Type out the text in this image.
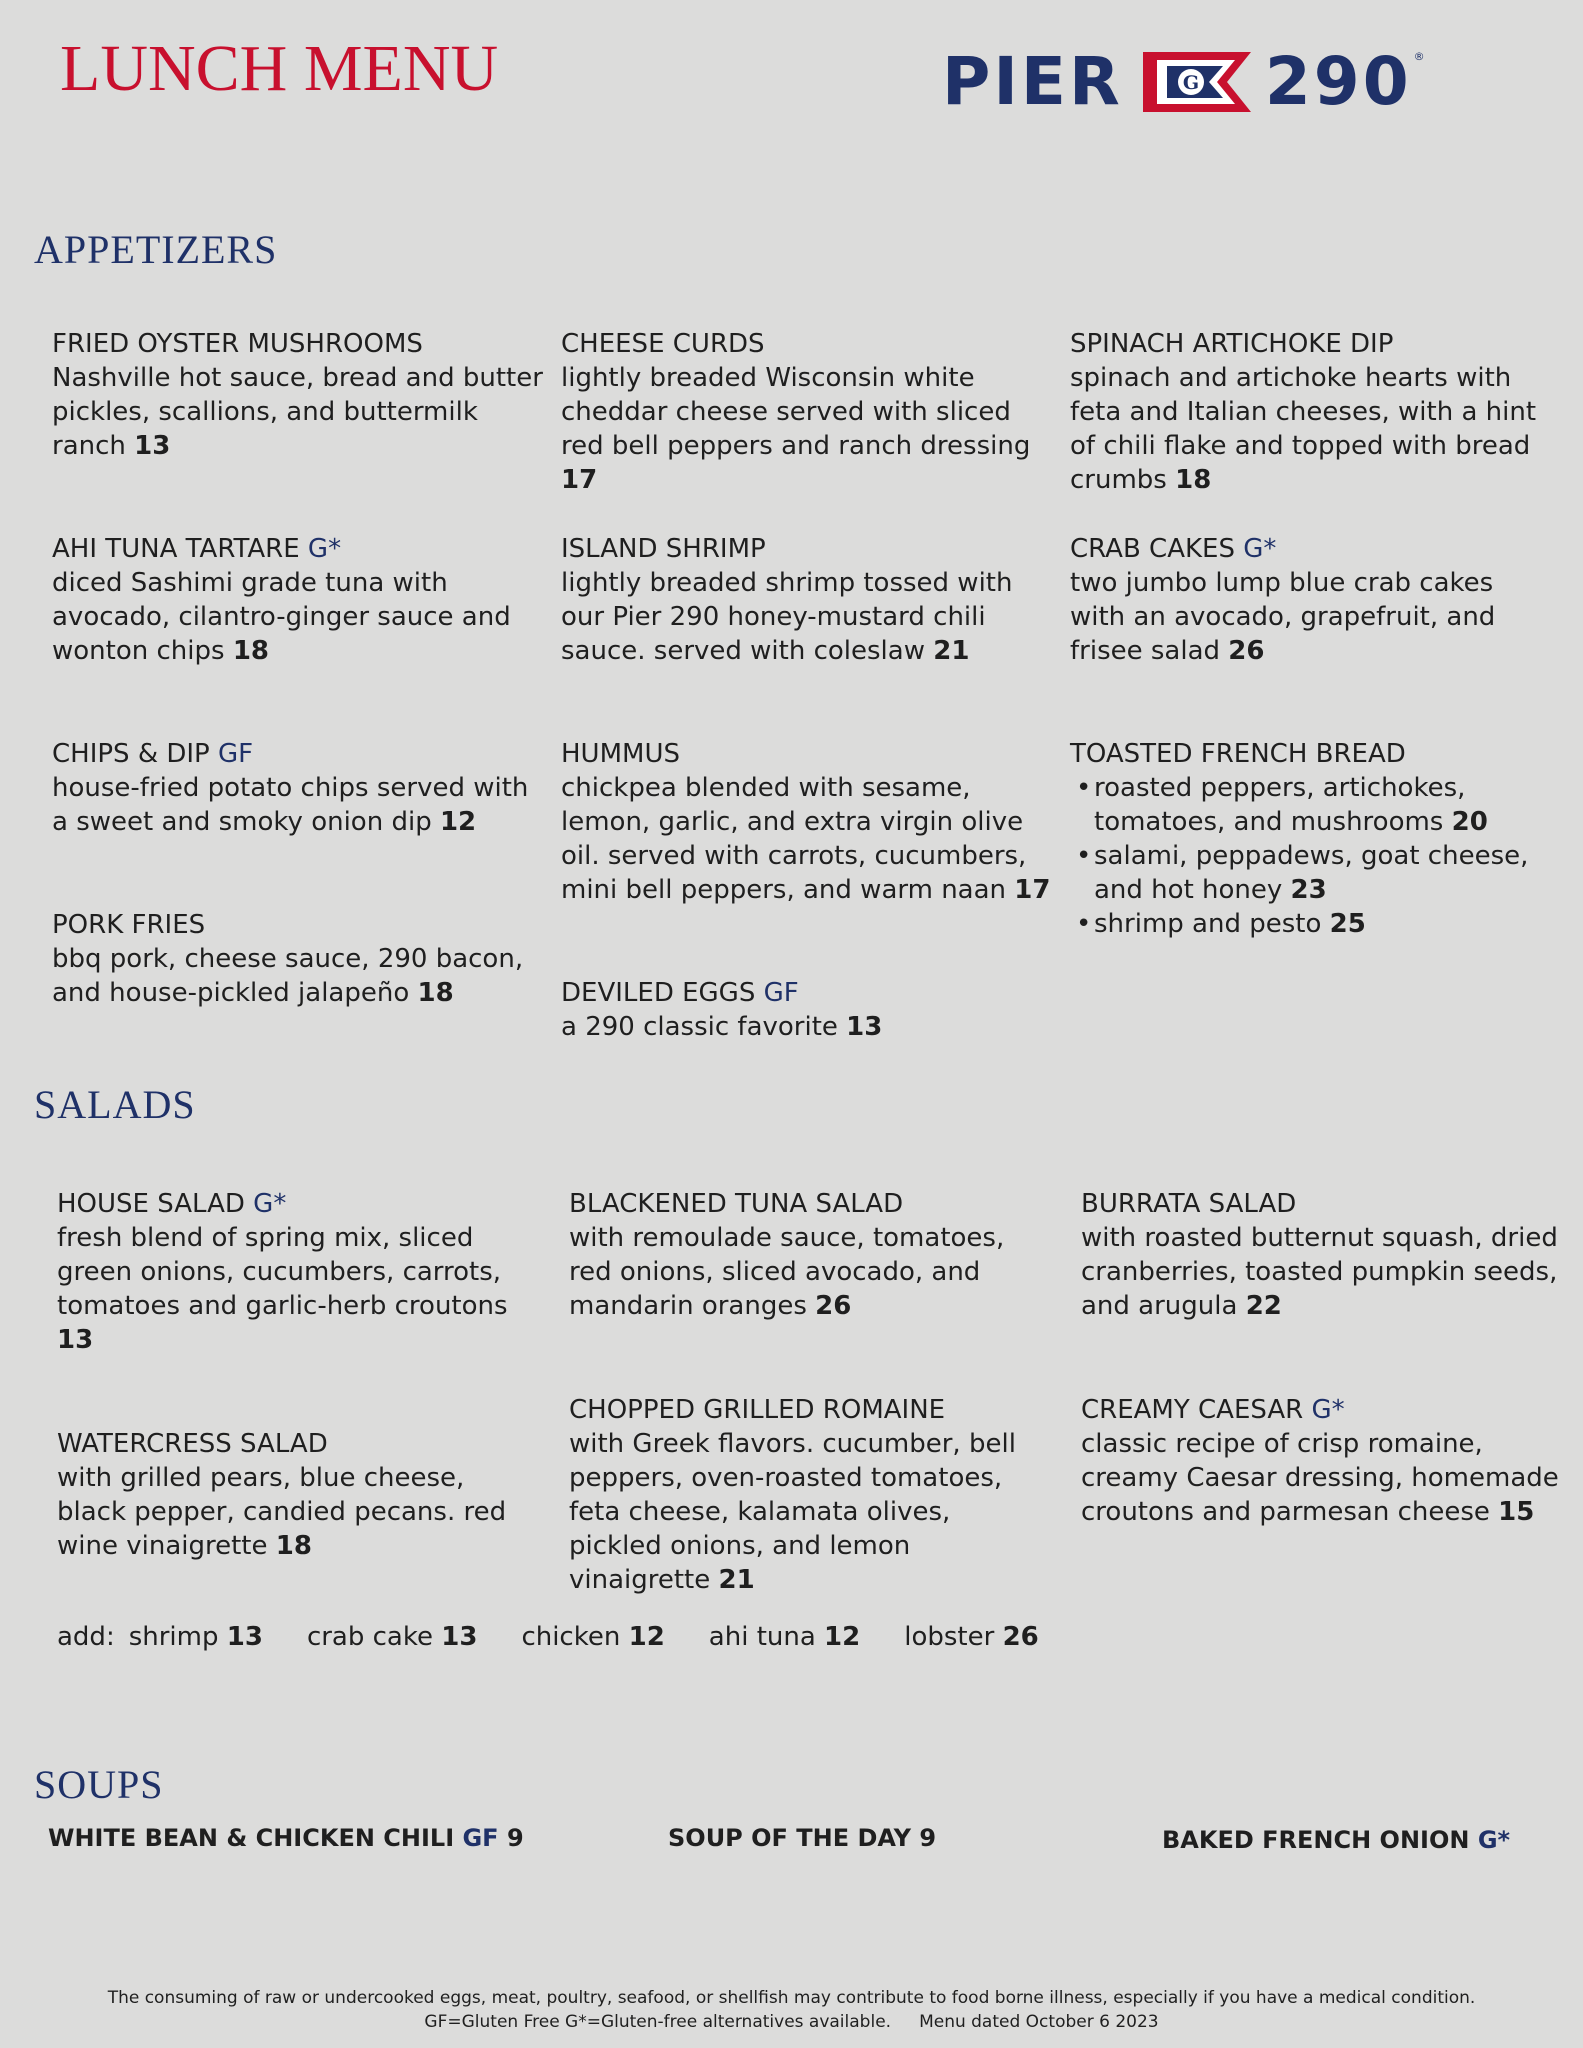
LUNCH MENU	PIER	G 290 ®
APPETIZERS
FRIED OYSTER MUSHROOMS
Nashville hot sauce, bread and butter pickles, scallions, and buttermilk ranch 13
CHEESE CURDS
lightly breaded Wisconsin white cheddar cheese served with sliced red bell peppers and ranch dressing 17
SPINACH ARTICHOKE DIP
spinach and artichoke hearts with feta and Italian cheeses, with a hint of chili flake and topped with bread crumbs 18
AHI TUNA TARTARE G*
diced Sashimi grade tuna with avocado, cilantro-ginger sauce and wonton chips 18
ISLAND SHRIMP
lightly breaded shrimp tossed with our Pier 290 honey-mustard chili sauce. served with coleslaw 21
CRAB CAKES G*
two jumbo lump blue crab cakes with an avocado, grapefruit, and frisee salad 26
CHIPS & DIP GF
house-fried potato chips served with a sweet and smoky onion dip 12
HUMMUS
chickpea blended with sesame, lemon, garlic, and extra virgin olive oil. served with carrots, cucumbers, mini bell peppers, and warm naan 17
TOASTED FRENCH BREAD
• roasted peppers, artichokes, tomatoes, and mushrooms 20
• salami, peppadews, goat cheese, and hot honey 23
• shrimp and pesto 25
PORK FRIES
bbq pork, cheese sauce, 290 bacon, and house-pickled jalapeño 18	DEVILED EGGS GF
a 290 classic favorite 13
SALADS
HOUSE SALAD G*
fresh blend of spring mix, sliced green onions, cucumbers, carrots, tomatoes and garlic-herb croutons 13
BLACKENED TUNA SALAD
with remoulade sauce, tomatoes, red onions, sliced avocado, and mandarin oranges 26
BURRATA SALAD
with roasted butternut squash, dried cranberries, toasted pumpkin seeds, and arugula 22
WATERCRESS SALAD
with grilled pears, blue cheese, black pepper, candied pecans. red wine vinaigrette 18
CHOPPED GRILLED ROMAINE
with Greek flavors. cucumber, bell peppers, oven-roasted tomatoes, feta cheese, kalamata olives, pickled onions, and lemon vinaigrette 21
CREAMY CAESAR G*
classic recipe of crisp romaine, creamy Caesar dressing, homemade croutons and parmesan cheese 15
add: shrimp 13 crab cake 13 chicken 12 ahi tuna 12 lobster 26
SOUPS
WHITE BEAN & CHICKEN CHILI GF 9	SOUP OF THE DAY 9	BAKED FRENCH ONION G*
The consuming of raw or undercooked eggs, meat, poultry, seafood, or shellfish may contribute to food borne illness, especially if you have a medical condition.
GF=Gluten Free G*=Gluten-free alternatives available. Menu dated October 6 2023
